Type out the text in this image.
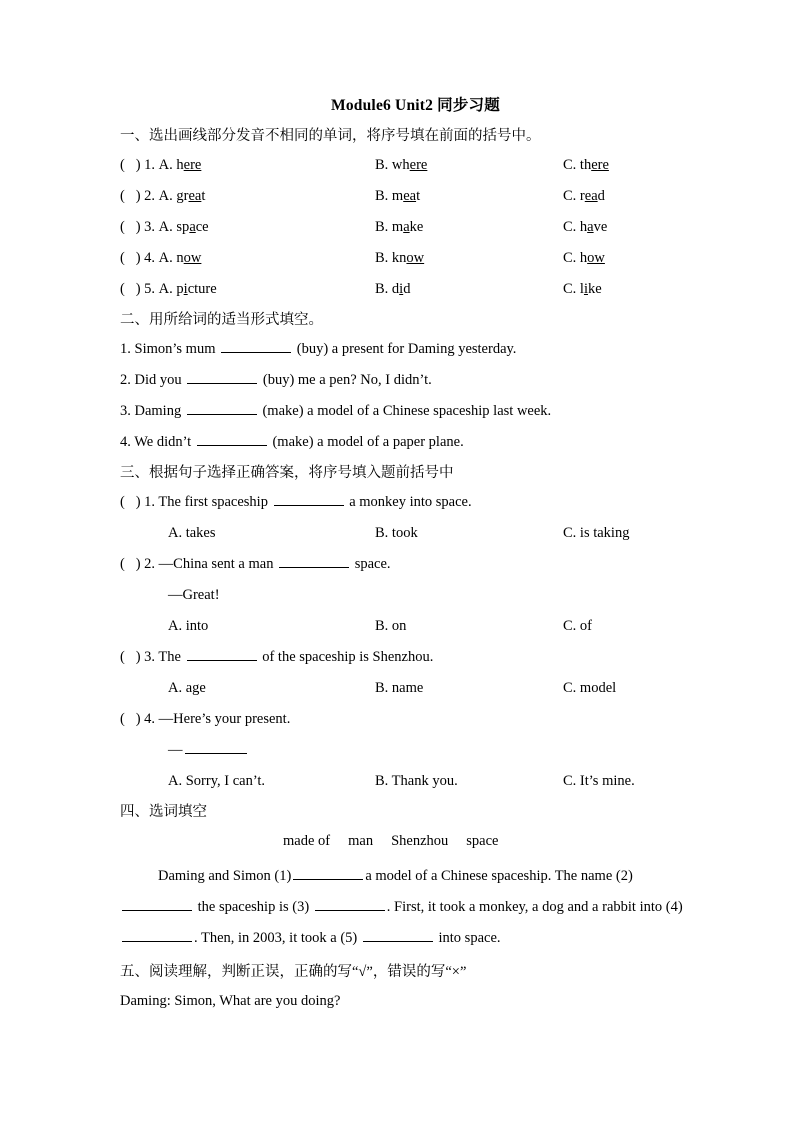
Module6 Unit2 同步习题
一、选出画线部分发音不相同的单词，将序号填在前面的括号中。
(   ) 1. A. here	B. where	C. there
(   ) 2. A. great	B. meat	C. read
(   ) 3. A. space	B. make	C. have
(   ) 4. A. now	B. know	C. how
(   ) 5. A. picture	B. did	C. like
二、用所给词的适当形式填空。
1. Simon’s mum	(buy) a present for Daming yesterday.
2. Did you	(buy) me a pen? No, I didn’t.
3. Daming	(make) a model of a Chinese spaceship last week.
4. We didn’t	(make) a model of a paper plane.
三、根据句子选择正确答案，将序号填入题前括号中
(   ) 1. The first spaceship	a monkey into space.
A. takes	B. took	C. is taking
(   ) 2. —China sent a man	space.
—Great!
A. into	B. on	C. of
(   ) 3. The	of the spaceship is Shenzhou.
A. age	B. name	C. model
(   ) 4. —Here’s your present.
—
A. Sorry, I can’t.	B. Thank you.	C. It’s mine.
四、选词填空
made of man Shenzhou space
Daming and Simon (1)	a model of a Chinese spaceship. The name (2)  the spaceship is (3)	. First, it took a monkey, a dog and a rabbit into (4) . Then, in 2003, it took a (5)	into space.
五、阅读理解，判断正误，正确的写“√”，错误的写“×”
Daming: Simon, What are you doing?
